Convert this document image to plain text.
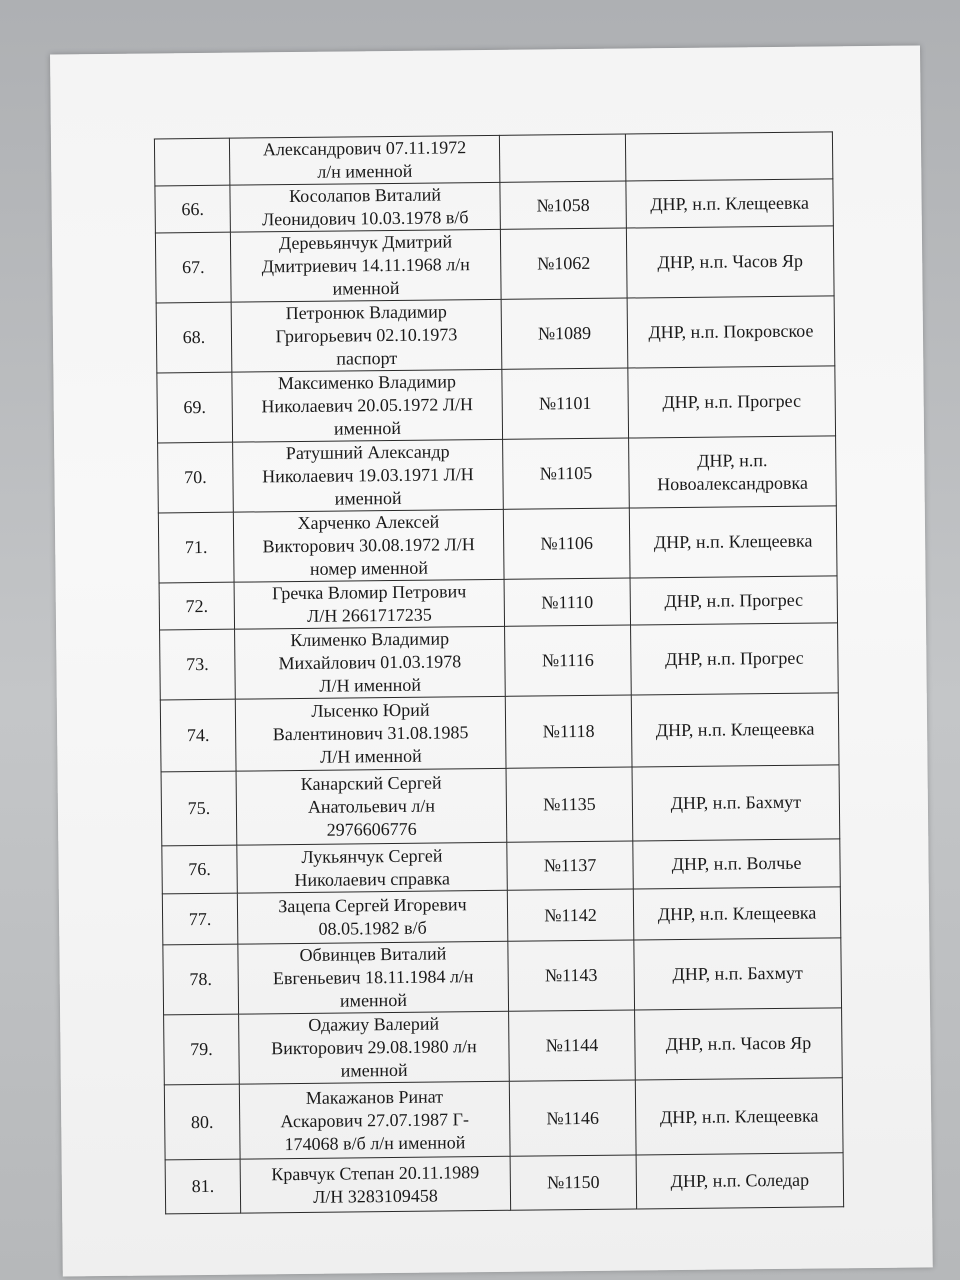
	Александрович 07.11.1972
л/н именной		

66.	Косолапов Виталий
Леонидович 10.03.1978 в/б	№1058	ДНР, н.п. Клещеевка

67.	Деревьянчук Дмитрий
Дмитриевич 14.11.1968 л/н
именной	№1062	ДНР, н.п. Часов Яр

68.	Петронюк Владимир
Григорьевич 02.10.1973
паспорт	№1089	ДНР, н.п. Покровское

69.	Максименко Владимир
Николаевич 20.05.1972 Л/Н
именной	№1101	ДНР, н.п. Прогрес

70.	Ратушний Александр
Николаевич 19.03.1971 Л/Н
именной	№1105	ДНР, н.п.
Новоалександровка

71.	Харченко Алексей
Викторович 30.08.1972 Л/Н
номер именной	№1106	ДНР, н.п. Клещеевка

72.	Гречка Вломир Петрович
Л/Н 2661717235	№1110	ДНР, н.п. Прогрес

73.	Клименко Владимир
Михайлович 01.03.1978
Л/Н именной	№1116	ДНР, н.п. Прогрес

74.	Лысенко Юрий
Валентинович 31.08.1985
Л/Н именной	№1118	ДНР, н.п. Клещеевка

75.	Канарский Сергей
Анатольевич л/н
2976606776	№1135	ДНР, н.п. Бахмут

76.	Лукьянчук Сергей
Николаевич справка	№1137	ДНР, н.п. Волчье

77.	Зацепа Сергей Игоревич
08.05.1982 в/б	№1142	ДНР, н.п. Клещеевка

78.	Обвинцев Виталий
Евгеньевич 18.11.1984 л/н
именной	№1143	ДНР, н.п. Бахмут

79.	Одажиу Валерий
Викторович 29.08.1980 л/н
именной	№1144	ДНР, н.п. Часов Яр

80.	Макажанов Ринат
Аскарович 27.07.1987 Г-
174068 в/б л/н именной	№1146	ДНР, н.п. Клещеевка

81.	Кравчук Степан 20.11.1989
Л/Н 3283109458	№1150	ДНР, н.п. Соледар
